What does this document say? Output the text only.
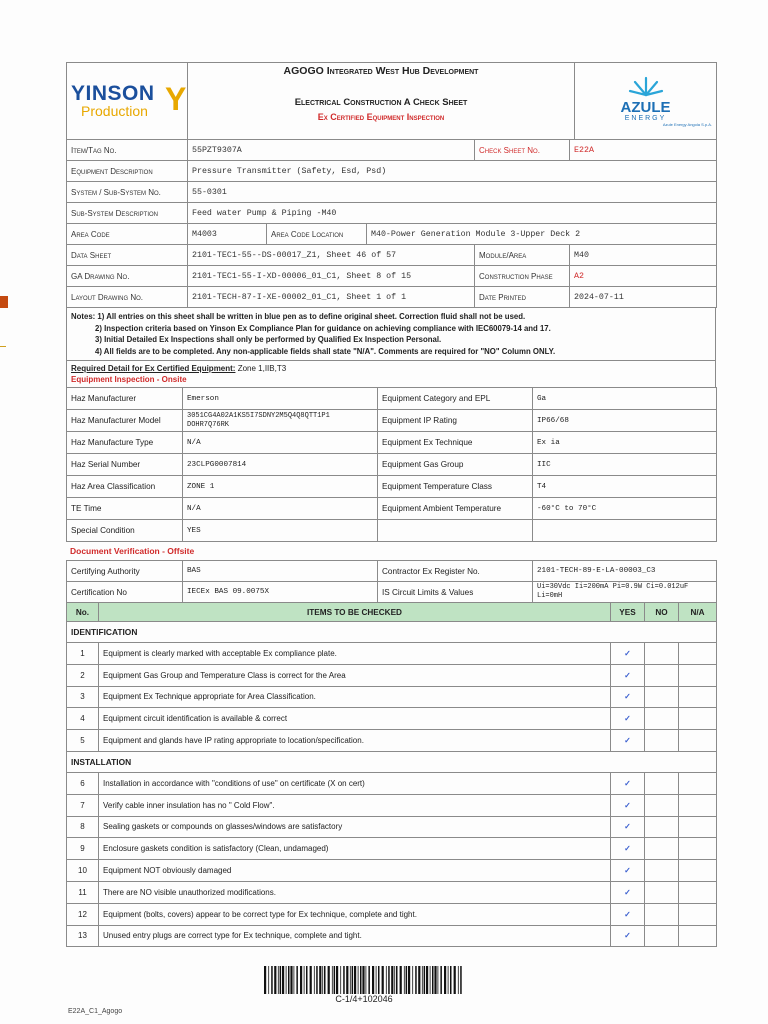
YINSON
Production Y

AGOGO Integrated West Hub Development
Electrical Construction A Check Sheet
Ex Certified Equipment Inspection

AZULE
ENERGY
Azule Energy Angola S.p.A.
Item/Tag No.	55PZT9307A			Check Sheet No.	E22A
Equipment Description	Pressure Transmitter (Safety, Esd, Psd)				
System / Sub-System No.	55-0301				
Sub-System Description	Feed water Pump & Piping -M40				
Area Code	M4003	Area Code Location	M40-Power Generation Module 3-Upper Deck 2		
Data Sheet	2101-TEC1-55--DS-00017_Z1, Sheet 46 of 57			Module/Area	M40
GA Drawing No.	2101-TEC1-55-I-XD-00006_01_C1, Sheet 8 of 15			Construction Phase	A2
Layout Drawing No.	2101-TECH-87-I-XE-00002_01_C1, Sheet 1 of 1			Date Printed	2024-07-11
Notes: 1) All entries on this sheet shall be written in blue pen as to define original sheet. Correction fluid shall not be used.
2) Inspection criteria based on Yinson Ex Compliance Plan for guidance on achieving compliance with IEC60079-14 and 17.
3) Initial Detailed Ex Inspections shall only be performed by Qualified Ex Inspection Personal.
4) All fields are to be completed. Any non-applicable fields shall state "N/A". Comments are required for "NO" Column ONLY.
Required Detail for Ex Certified Equipment: Zone 1,IIB,T3
Equipment Inspection - Onsite
Haz Manufacturer	Emerson	Equipment Category and EPL	Ga
Haz Manufacturer Model	3051CG4A02A1KS5I7SDNY2M5Q4Q8QTT1P1 DOHR7Q76RK	Equipment IP Rating	IP66/68
Haz Manufacture Type	N/A	Equipment Ex Technique	Ex ia
Haz Serial Number	23CLPG0007814	Equipment Gas Group	IIC
Haz Area Classification	ZONE 1	Equipment Temperature Class	T4
TE Time	N/A	Equipment Ambient Temperature	-60°C to 70°C
Special Condition	YES		
Document Verification - Offsite
Certifying Authority	BAS	Contractor Ex Register No.	2101-TECH-89-E-LA-00003_C3
Certification No	IECEx BAS 09.0075X	IS Circuit Limits & Values	Ui=30Vdc Ii=200mA Pi=0.9W Ci=0.012uF Li=0mH
No.	ITEMS TO BE CHECKED	YES	NO	N/A
IDENTIFICATION				
1	Equipment is clearly marked with acceptable Ex compliance plate.	✓		
2	Equipment Gas Group and Temperature Class is correct for the Area	✓		
3	Equipment Ex Technique appropriate for Area Classification.	✓		
4	Equipment circuit identification is available & correct	✓		
5	Equipment and glands have IP rating appropriate to location/specification.	✓		
INSTALLATION				
6	Installation in accordance with "conditions of use" on certificate (X on cert)	✓		
7	Verify cable inner insulation has no " Cold Flow".	✓		
8	Sealing gaskets or compounds on glasses/windows are satisfactory	✓		
9	Enclosure gaskets condition is satisfactory (Clean, undamaged)	✓		
10	Equipment NOT obviously damaged	✓		
11	There are NO visible unauthorized modifications.	✓		
12	Equipment (bolts, covers) appear to be correct type for Ex technique, complete and tight.	✓		
13	Unused entry plugs are correct type for Ex technique, complete and tight.	✓		
C-1/4+102046
E22A_C1_Agogo
